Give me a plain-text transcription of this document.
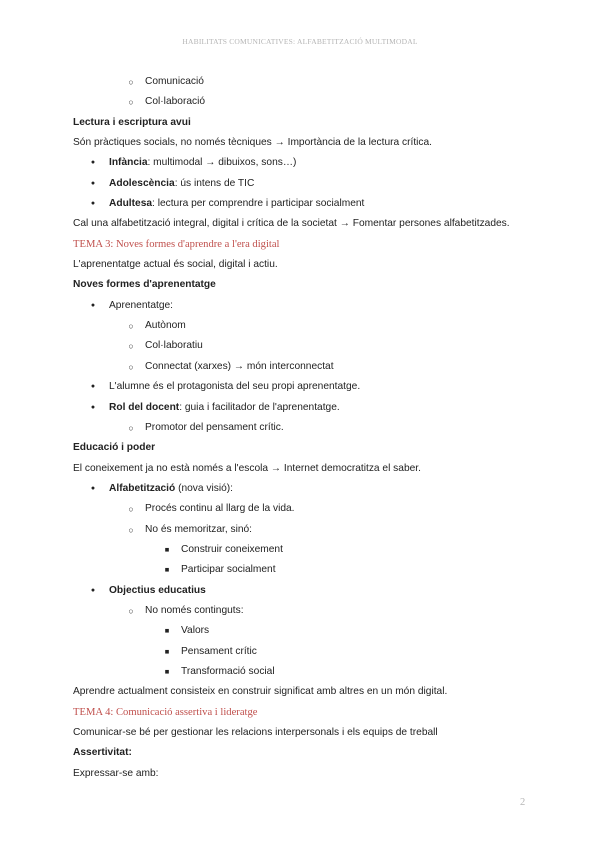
HABILITATS COMUNICATIVES: ALFABETITZACIÓ MULTIMODAL
○	Comunicació
○	Col·laboració
Lectura i escriptura avui
Són pràctiques socials, no només tècniques → Importància de la lectura crítica.
●	Infància: multimodal → dibuixos, sons…)
●	Adolescència: ús intens de TIC
●	Adultesa: lectura per comprendre i participar socialment
Cal una alfabetització integral, digital i crítica de la societat → Fomentar persones alfabetitzades.
TEMA 3: Noves formes d'aprendre a l'era digital
L'aprenentatge actual és social, digital i actiu.
Noves formes d'aprenentatge
●	Aprenentatge:
○	Autònom
○	Col·laboratiu
○	Connectat (xarxes) → món interconnectat
●	L'alumne és el protagonista del seu propi aprenentatge.
●	Rol del docent: guia i facilitador de l'aprenentatge.
○	Promotor del pensament crític.
Educació i poder
El coneixement ja no està només a l'escola → Internet democratitza el saber.
●	Alfabetització (nova visió):
○	Procés continu al llarg de la vida.
○	No és memoritzar, sinó:
■	Construir coneixement
■	Participar socialment
●	Objectius educatius
○	No només continguts:
■	Valors
■	Pensament crític
■	Transformació social
Aprendre actualment consisteix en construir significat amb altres en un món digital.
TEMA 4: Comunicació assertiva i lideratge
Comunicar-se bé per gestionar les relacions interpersonals i els equips de treball
Assertivitat:
Expressar-se amb:
2
